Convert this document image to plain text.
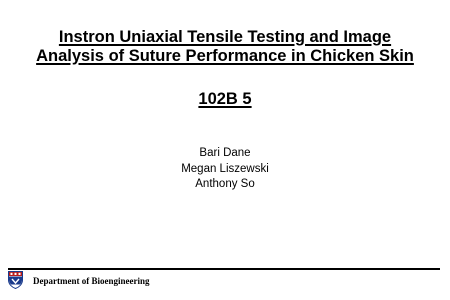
Instron Uniaxial Tensile Testing and Image
Analysis of Suture Performance in Chicken Skin
102B 5
Bari Dane
Megan Liszewski
Anthony So
Department of Bioengineering
